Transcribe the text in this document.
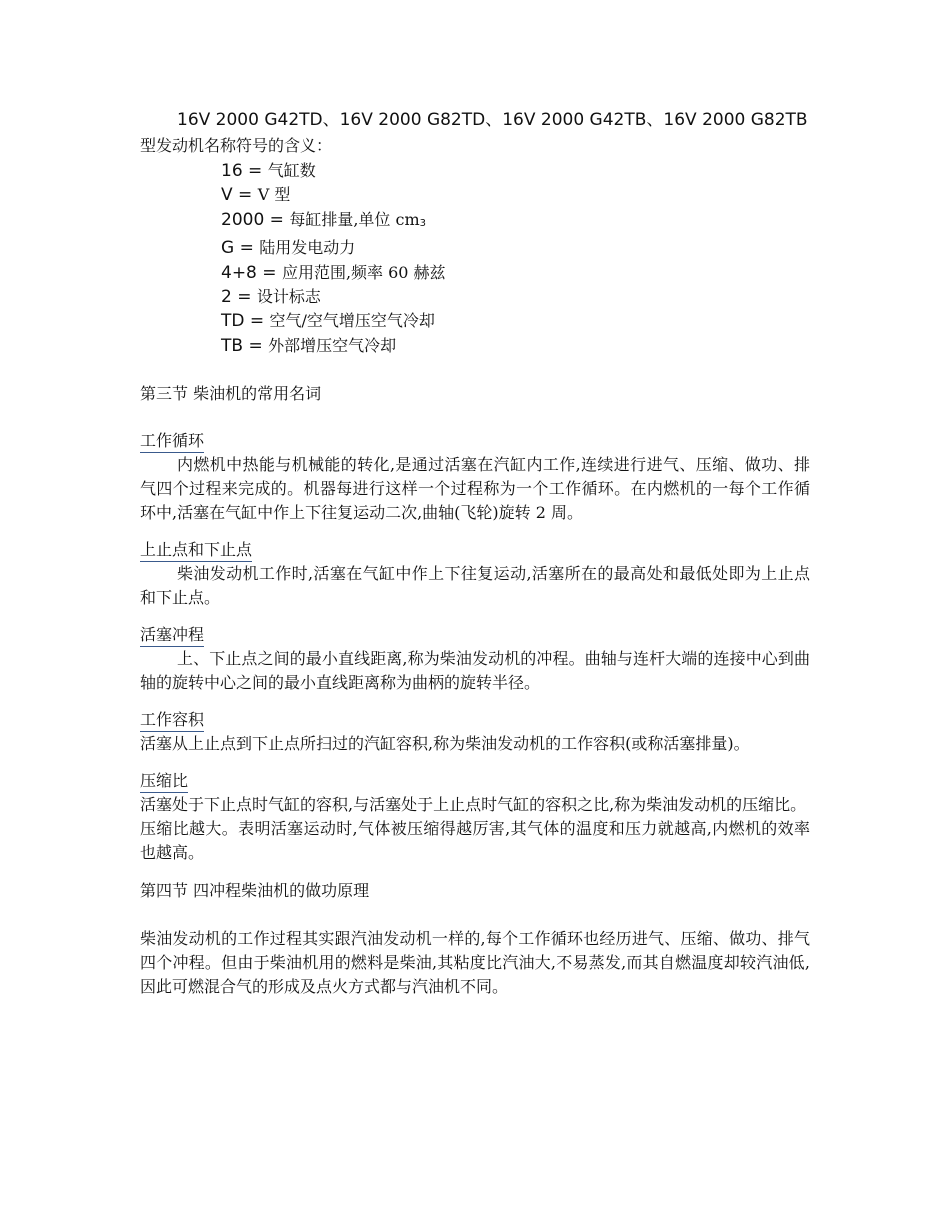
16V 2000 G42TD、16V 2000 G82TD、16V 2000 G42TB、16V 2000 G82TB 型发动机名称符号的含义：
16 = 气缸数
V = V 型
2000 = 每缸排量,单位 $cm_3$
G = 陆用发电动力
4+8 = 应用范围,频率 60 赫兹
2 = 设计标志
TD = 空气/空气增压空气冷却
TB = 外部增压空气冷却
第三节 柴油机的常用名词
工作循环
内燃机中热能与机械能的转化,是通过活塞在汽缸内工作,连续进行进气、压缩、做功、排气四个过程来完成的。机器每进行这样一个过程称为一个工作循环。在内燃机的一每个工作循环中,活塞在气缸中作上下往复运动二次,曲轴(飞轮)旋转 2 周。
上止点和下止点
柴油发动机工作时,活塞在气缸中作上下往复运动,活塞所在的最高处和最低处即为上止点和下止点。
活塞冲程
上、下止点之间的最小直线距离,称为柴油发动机的冲程。曲轴与连杆大端的连接中心到曲轴的旋转中心之间的最小直线距离称为曲柄的旋转半径。
工作容积
活塞从上止点到下止点所扫过的汽缸容积,称为柴油发动机的工作容积(或称活塞排量)。
压缩比
活塞处于下止点时气缸的容积,与活塞处于上止点时气缸的容积之比,称为柴油发动机的压缩比。
压缩比越大。表明活塞运动时,气体被压缩得越厉害,其气体的温度和压力就越高,内燃机的效率也越高。
第四节 四冲程柴油机的做功原理
柴油发动机的工作过程其实跟汽油发动机一样的,每个工作循环也经历进气、压缩、做功、排气四个冲程。但由于柴油机用的燃料是柴油,其粘度比汽油大,不易蒸发,而其自燃温度却较汽油低,因此可燃混合气的形成及点火方式都与汽油机不同。
